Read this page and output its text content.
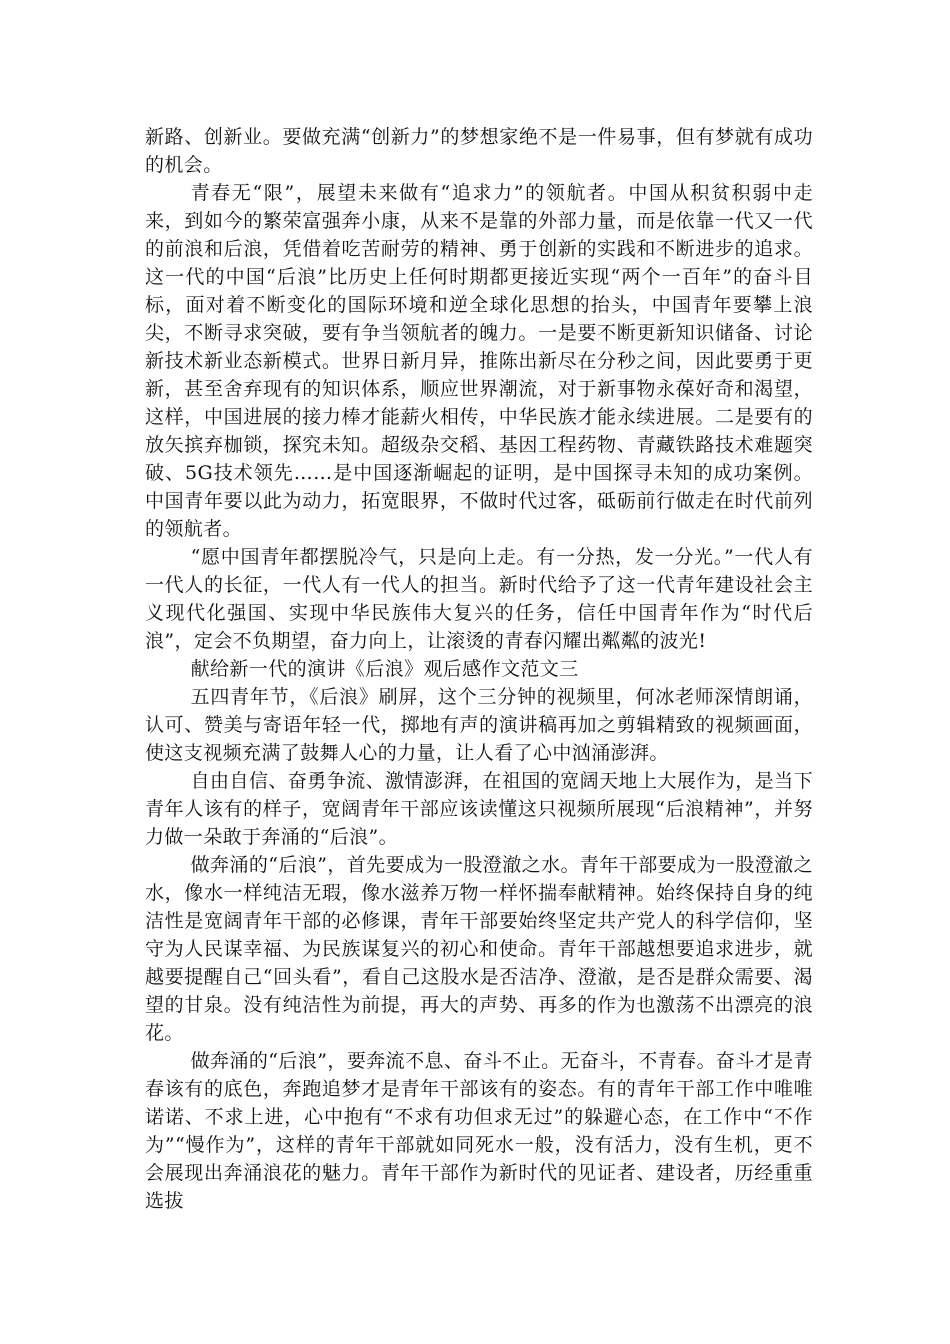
新路、创新业。要做充满“创新力”的梦想家绝不是一件易事，但有梦就有成功的机会。

青春无“限”，展望未来做有“追求力”的领航者。中国从积贫积弱中走来，到如今的繁荣富强奔小康，从来不是靠的外部力量，而是依靠一代又一代的前浪和后浪，凭借着吃苦耐劳的精神、勇于创新的实践和不断进步的追求。这一代的中国“后浪”比历史上任何时期都更接近实现“两个一百年”的奋斗目标，面对着不断变化的国际环境和逆全球化思想的抬头，中国青年要攀上浪尖，不断寻求突破，要有争当领航者的魄力。一是要不断更新知识储备、讨论新技术新业态新模式。世界日新月异，推陈出新尽在分秒之间，因此要勇于更新，甚至舍弃现有的知识体系，顺应世界潮流，对于新事物永葆好奇和渴望，这样，中国进展的接力棒才能薪火相传，中华民族才能永续进展。二是要有的放矢摈弃枷锁，探究未知。超级杂交稻、基因工程药物、青藏铁路技术难题突破、5G技术领先……是中国逐渐崛起的证明，是中国探寻未知的成功案例。中国青年要以此为动力，拓宽眼界，不做时代过客，砥砺前行做走在时代前列的领航者。

“愿中国青年都摆脱冷气，只是向上走。有一分热，发一分光。”一代人有一代人的长征，一代人有一代人的担当。新时代给予了这一代青年建设社会主义现代化强国、实现中华民族伟大复兴的任务，信任中国青年作为“时代后浪”，定会不负期望，奋力向上，让滚烫的青春闪耀出粼粼的波光!

献给新一代的演讲《后浪》观后感作文范文三

五四青年节，《后浪》刷屏，这个三分钟的视频里，何冰老师深情朗诵，认可、赞美与寄语年轻一代，掷地有声的演讲稿再加之剪辑精致的视频画面，使这支视频充满了鼓舞人心的力量，让人看了心中汹涌澎湃。

自由自信、奋勇争流、激情澎湃，在祖国的宽阔天地上大展作为，是当下青年人该有的样子，宽阔青年干部应该读懂这只视频所展现“后浪精神”，并努力做一朵敢于奔涌的“后浪”。

做奔涌的“后浪”，首先要成为一股澄澈之水。青年干部要成为一股澄澈之水，像水一样纯洁无瑕，像水滋养万物一样怀揣奉献精神。始终保持自身的纯洁性是宽阔青年干部的必修课，青年干部要始终坚定共产党人的科学信仰，坚守为人民谋幸福、为民族谋复兴的初心和使命。青年干部越想要追求进步，就越要提醒自己“回头看”，看自己这股水是否洁净、澄澈，是否是群众需要、渴望的甘泉。没有纯洁性为前提，再大的声势、再多的作为也激荡不出漂亮的浪花。

做奔涌的“后浪”，要奔流不息、奋斗不止。无奋斗，不青春。奋斗才是青春该有的底色，奔跑追梦才是青年干部该有的姿态。有的青年干部工作中唯唯诺诺、不求上进，心中抱有“不求有功但求无过”的躲避心态，在工作中“不作为”“慢作为”，这样的青年干部就如同死水一般，没有活力，没有生机，更不会展现出奔涌浪花的魅力。青年干部作为新时代的见证者、建设者，历经重重选拔
